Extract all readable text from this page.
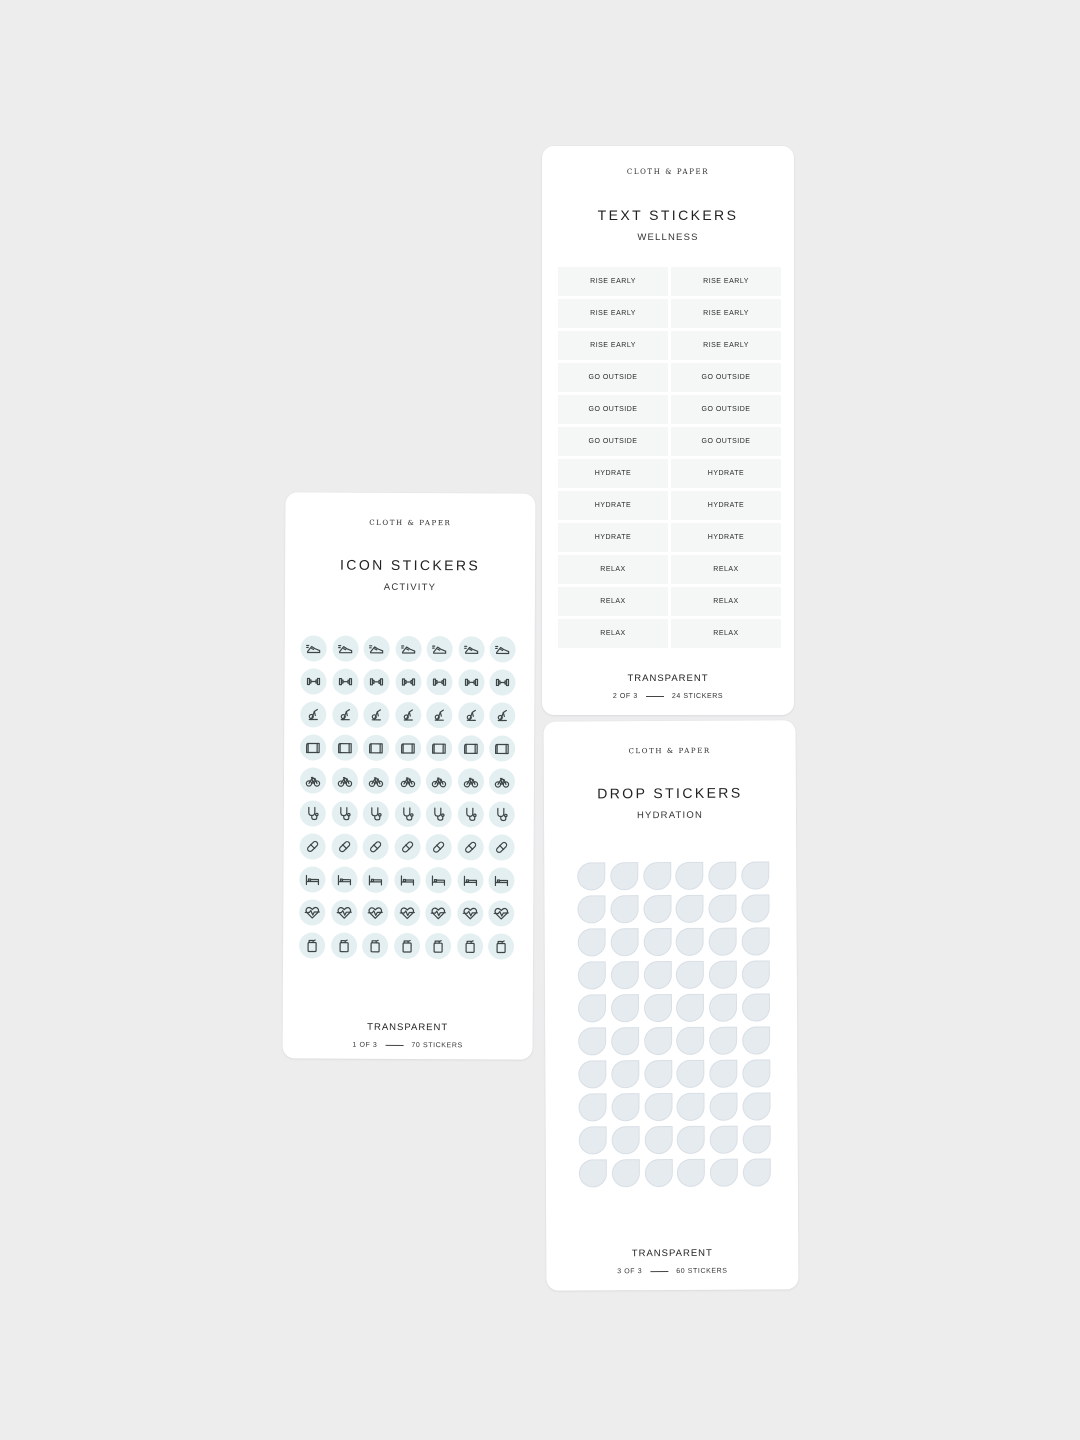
CLOTH & PAPER
ICON STICKERS
ACTIVITY
TRANSPARENT
1 OF 3	70 STICKERS
CLOTH & PAPER
TEXT STICKERS
WELLNESS
RISE EARLY	RISE EARLY
RISE EARLY	RISE EARLY
RISE EARLY	RISE EARLY
GO OUTSIDE	GO OUTSIDE
GO OUTSIDE	GO OUTSIDE
GO OUTSIDE	GO OUTSIDE
HYDRATE	HYDRATE
HYDRATE	HYDRATE
HYDRATE	HYDRATE
RELAX	RELAX
RELAX	RELAX
RELAX	RELAX
TRANSPARENT
2 OF 3	24 STICKERS
CLOTH & PAPER
DROP STICKERS
HYDRATION
TRANSPARENT
3 OF 3	60 STICKERS
